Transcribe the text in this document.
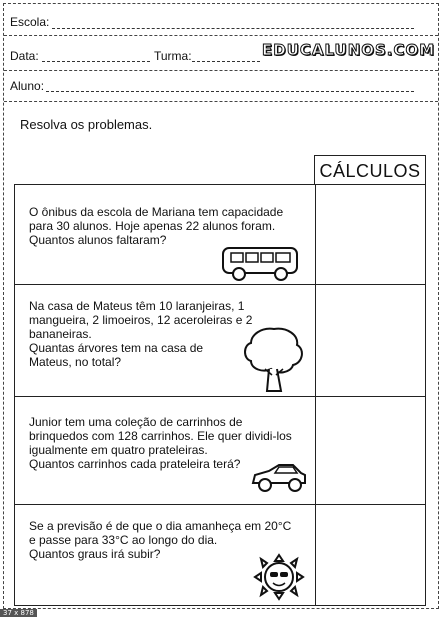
Escola:
Data:	Turma:
Aluno:
EDUCALUNOS.COM
Resolva os problemas.
CÁLCULOS
O ônibus da escola de Mariana tem capacidade
para 30 alunos. Hoje apenas 22 alunos foram.
Quantos alunos faltaram?
Na casa de Mateus têm 10 laranjeiras, 1
mangueira, 2 limoeiros, 12 aceroleiras e 2
bananeiras.
Quantas árvores tem na casa de
Mateus, no total?
Junior tem uma coleção de carrinhos de
brinquedos com 128 carrinhos. Ele quer dividi-los
igualmente em quatro prateleiras.
Quantos carrinhos cada prateleira terá?
Se a previsão é de que o dia amanheça em 20°C
e passe para 33°C ao longo do dia.
Quantos graus irá subir?
37 x 878
